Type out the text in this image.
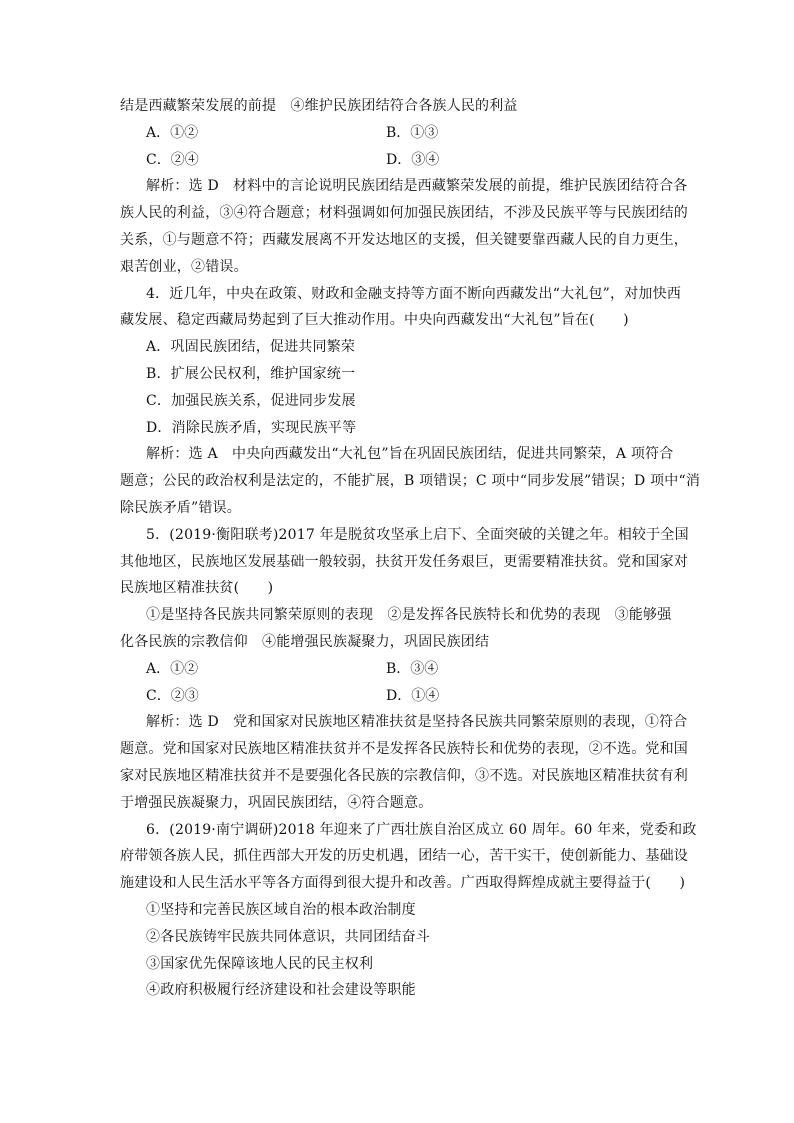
结是西藏繁荣发展的前提　④维护民族团结符合各族人民的利益
A．①②	B．①③
C．②④	D．③④
解析：选 D　材料中的言论说明民族团结是西藏繁荣发展的前提，维护民族团结符合各
族人民的利益，③④符合题意；材料强调如何加强民族团结，不涉及民族平等与民族团结的
关系，①与题意不符；西藏发展离不开发达地区的支援，但关键要靠西藏人民的自力更生，
艰苦创业，②错误。
4．近几年，中央在政策、财政和金融支持等方面不断向西藏发出“大礼包”，对加快西
藏发展、稳定西藏局势起到了巨大推动作用。中央向西藏发出“大礼包”旨在(　　)
A．巩固民族团结，促进共同繁荣
B．扩展公民权利，维护国家统一
C．加强民族关系，促进同步发展
D．消除民族矛盾，实现民族平等
解析：选 A　中央向西藏发出“大礼包”旨在巩固民族团结，促进共同繁荣，A 项符合
题意；公民的政治权利是法定的，不能扩展，B 项错误；C 项中“同步发展”错误；D 项中“消
除民族矛盾”错误。
5．(2019·衡阳联考)2017 年是脱贫攻坚承上启下、全面突破的关键之年。相较于全国
其他地区，民族地区发展基础一般较弱，扶贫开发任务艰巨，更需要精准扶贫。党和国家对
民族地区精准扶贫(　　)
①是坚持各民族共同繁荣原则的表现　②是发挥各民族特长和优势的表现　③能够强
化各民族的宗教信仰　④能增强民族凝聚力，巩固民族团结
A．①②	B．③④
C．②③	D．①④
解析：选 D　党和国家对民族地区精准扶贫是坚持各民族共同繁荣原则的表现，①符合
题意。党和国家对民族地区精准扶贫并不是发挥各民族特长和优势的表现，②不选。党和国
家对民族地区精准扶贫并不是要强化各民族的宗教信仰，③不选。对民族地区精准扶贫有利
于增强民族凝聚力，巩固民族团结，④符合题意。
6．(2019·南宁调研)2018 年迎来了广西壮族自治区成立 60 周年。60 年来，党委和政
府带领各族人民，抓住西部大开发的历史机遇，团结一心，苦干实干，使创新能力、基础设
施建设和人民生活水平等各方面得到很大提升和改善。广西取得辉煌成就主要得益于(　　)
①坚持和完善民族区域自治的根本政治制度
②各民族铸牢民族共同体意识，共同团结奋斗
③国家优先保障该地人民的民主权利
④政府积极履行经济建设和社会建设等职能
